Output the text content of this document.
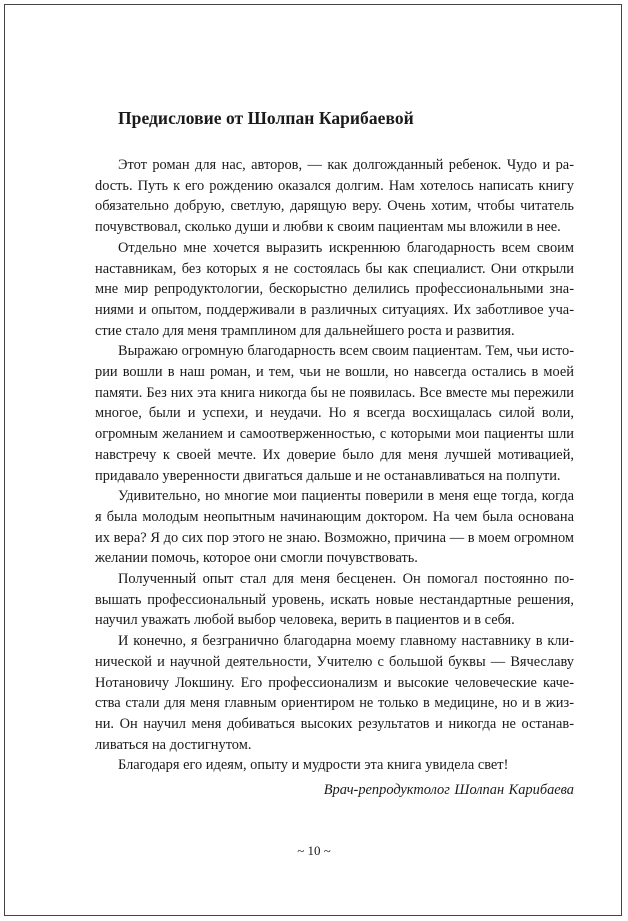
Предисловие от Шолпан Карибаевой

Этот роман для нас, авторов, — как долгожданный ребенок. Чудо и раdость. Путь к его рождению оказался долгим. Нам хотелось написать книгу обязательно добрую, светлую, дарящую веру. Очень хотим, чтобы читатель почувствовал, сколько души и любви к своим пациентам мы вложили в нее.

Отдельно мне хочется выразить искреннюю благодарность всем своим наставникам, без которых я не состоялась бы как специалист. Они открыли мне мир репродуктологии, бескорыстно делились профессиональными знаниями и опытом, поддерживали в различных ситуациях. Их заботливое участие стало для меня трамплином для дальнейшего роста и развития.

Выражаю огромную благодарность всем своим пациентам. Тем, чьи истории вошли в наш роман, и тем, чьи не вошли, но навсегда остались в моей памяти. Без них эта книга никогда бы не появилась. Все вместе мы пережили многое, были и успехи, и неудачи. Но я всегда восхищалась силой воли, огромным желанием и самоотверженностью, с которыми мои пациенты шли навстречу к своей мечте. Их доверие было для меня лучшей мотивацией, придавало уверенности двигаться дальше и не останавливаться на полпути.

Удивительно, но многие мои пациенты поверили в меня еще тогда, когда я была молодым неопытным начинающим доктором. На чем была основана их вера? Я до сих пор этого не знаю. Возможно, причина — в моем огромном желании помочь, которое они смогли почувствовать.

Полученный опыт стал для меня бесценен. Он помогал постоянно повышать профессиональный уровень, искать новые нестандартные решения, научил уважать любой выбор человека, верить в пациентов и в себя.

И конечно, я безгранично благодарна моему главному наставнику в клинической и научной деятельности, Учителю с большой буквы — Вячеславу Нотановичу Локшину. Его профессионализм и высокие человеческие качества стали для меня главным ориентиром не только в медицине, но и в жизни. Он научил меня добиваться высоких результатов и никогда не останавливаться на достигнутом.

Благодаря его идеям, опыту и мудрости эта книга увидела свет!

Врач-репродуктолог Шолпан Карибаева

~ 10 ~
